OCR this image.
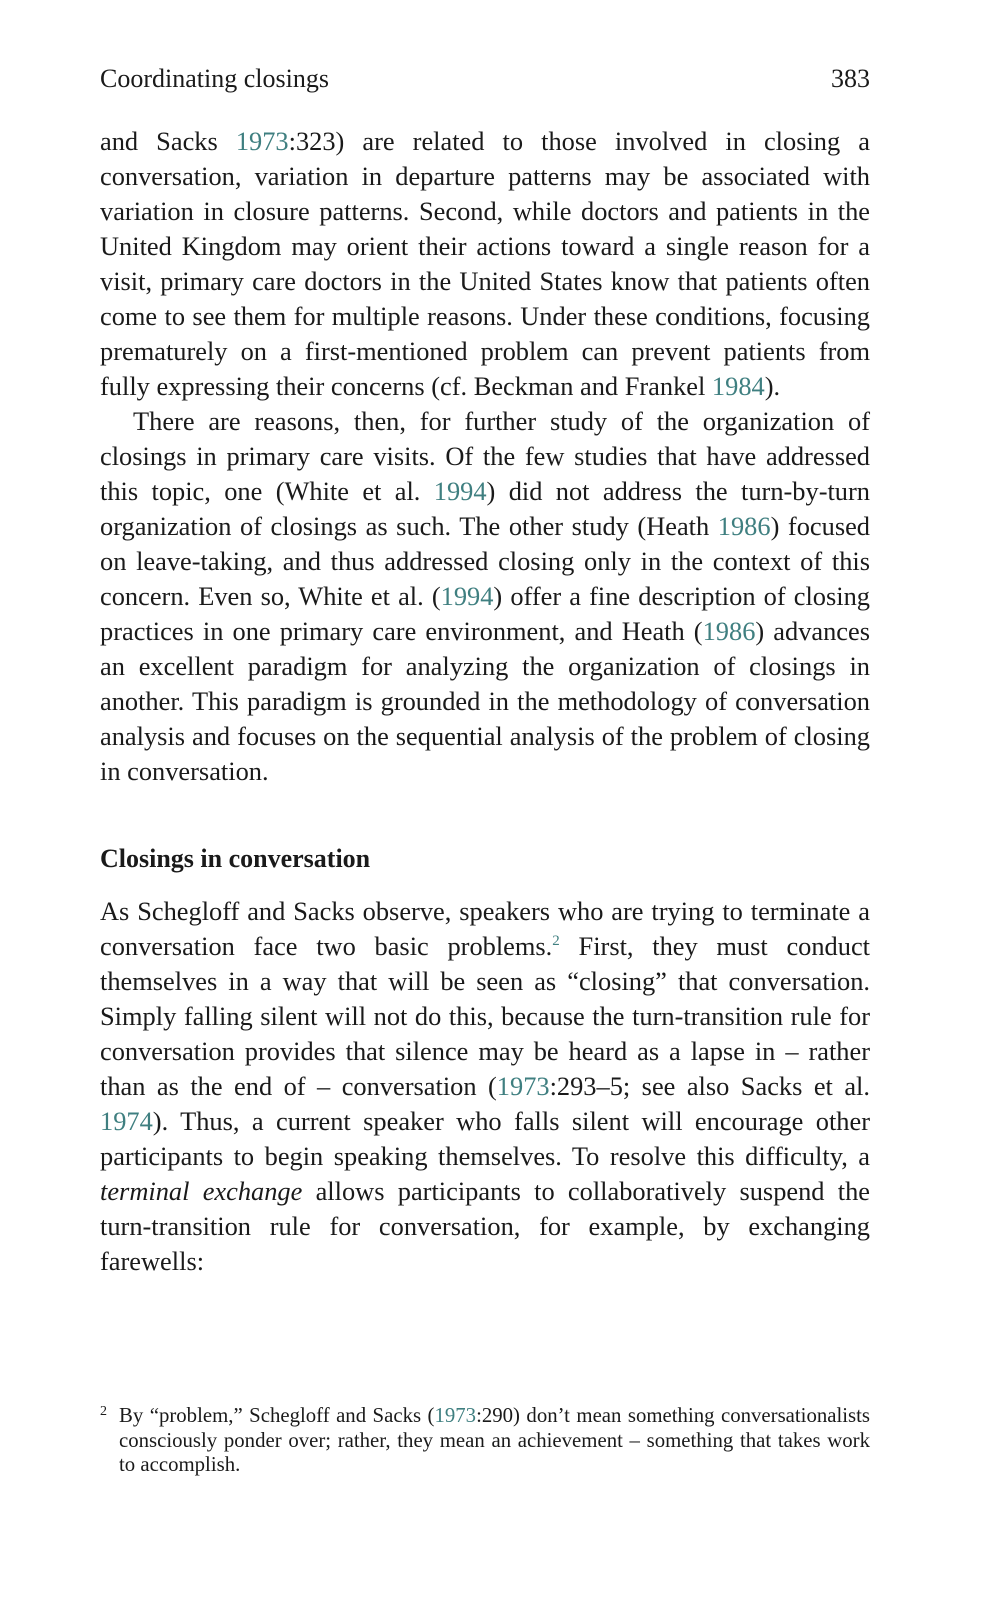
Coordinating closings	383

and Sacks 1973:323) are related to those involved in closing a conversation, variation in departure patterns may be associated with variation in closure patterns. Second, while doctors and patients in the United Kingdom may orient their actions toward a single reason for a visit, primary care doctors in the United States know that patients often come to see them for multiple reasons. Under these conditions, focusing prematurely on a first-mentioned problem can prevent patients from fully expressing their concerns (cf. Beckman and Frankel 1984).

There are reasons, then, for further study of the organization of closings in primary care visits. Of the few studies that have addressed this topic, one (White et al. 1994) did not address the turn-by-turn organization of closings as such. The other study (Heath 1986) focused on leave-taking, and thus addressed closing only in the context of this concern. Even so, White et al. (1994) offer a fine description of closing practices in one primary care environment, and Heath (1986) advances an excellent paradigm for analyzing the organization of closings in another. This paradigm is grounded in the methodology of conversation analysis and focuses on the sequential analysis of the problem of closing in conversation.

Closings in conversation

As Schegloff and Sacks observe, speakers who are trying to terminate a conversation face two basic problems.$^2$ First, they must conduct themselves in a way that will be seen as “closing” that conversation. Simply falling silent will not do this, because the turn-transition rule for conversation provides that silence may be heard as a lapse in – rather than as the end of – conversation (1973:293–5; see also Sacks et al. 1974). Thus, a current speaker who falls silent will encourage other participants to begin speaking themselves. To resolve this difficulty, a terminal exchange allows participants to collaboratively suspend the turn-transition rule for conversation, for example, by exchanging farewells:

2 By “problem,” Schegloff and Sacks (1973:290) don’t mean something conversationalists consciously ponder over; rather, they mean an achievement – something that takes work to accomplish.
